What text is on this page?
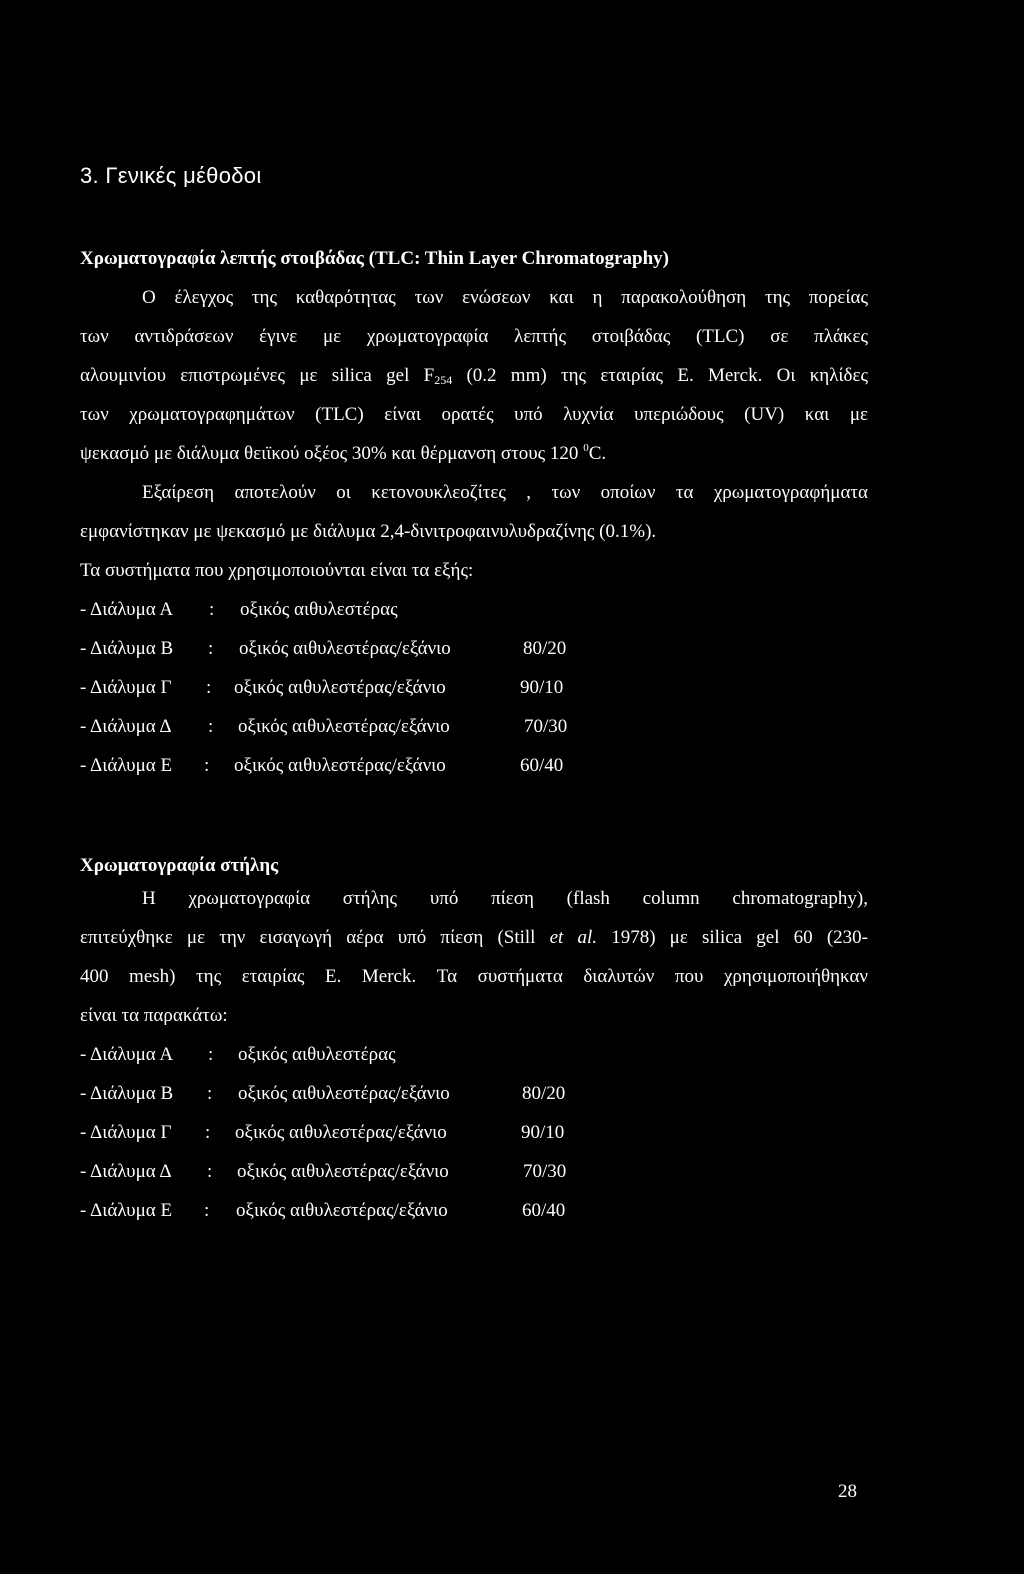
3. Γενικές μέθοδοι
Χρωματογραφία λεπτής στοιβάδας (TLC: Thin Layer Chromatography)
Ο έλεγχος της καθαρότητας των ενώσεων και η παρακολούθηση της πορείας
των αντιδράσεων έγινε με χρωματογραφία λεπτής στοιβάδας (TLC) σε πλάκες
αλουμινίου επιστρωμένες με silica gel F254 (0.2 mm) της εταιρίας E. Merck. Οι κηλίδες
των χρωματογραφημάτων (TLC) είναι ορατές υπό λυχνία υπεριώδους (UV) και με
ψεκασμό με διάλυμα θειϊκού οξέος 30% και θέρμανση στους 120 $^0$C.
Εξαίρεση αποτελούν οι κετονουκλεοζίτες , των οποίων τα χρωματογραφήματα
εμφανίστηκαν με ψεκασμό με διάλυμα 2,4-δινιτροφαινυλυδραζίνης (0.1%).
Τα συστήματα που χρησιμοποιούνται είναι τα εξής:
- Διάλυμα Α : οξικός αιθυλεστέρας
- Διάλυμα Β : οξικός αιθυλεστέρας/εξάνιο	80/20
- Διάλυμα Γ : οξικός αιθυλεστέρας/εξάνιο	90/10
- Διάλυμα Δ : οξικός αιθυλεστέρας/εξάνιο	70/30
- Διάλυμα Ε : οξικός αιθυλεστέρας/εξάνιο	60/40
Χρωματογραφία στήλης
Η χρωματογραφία στήλης υπό πίεση (flash column chromatography),
επιτεύχθηκε με την εισαγωγή αέρα υπό πίεση (Still et al. 1978) με silica gel 60 (230-
400 mesh) της εταιρίας E. Merck. Τα συστήματα διαλυτών που χρησιμοποιήθηκαν
είναι τα παρακάτω:
- Διάλυμα Α : οξικός αιθυλεστέρας
- Διάλυμα Β : οξικός αιθυλεστέρας/εξάνιο	80/20
- Διάλυμα Γ : οξικός αιθυλεστέρας/εξάνιο	90/10
- Διάλυμα Δ : οξικός αιθυλεστέρας/εξάνιο	70/30
- Διάλυμα Ε : οξικός αιθυλεστέρας/εξάνιο	60/40
28
